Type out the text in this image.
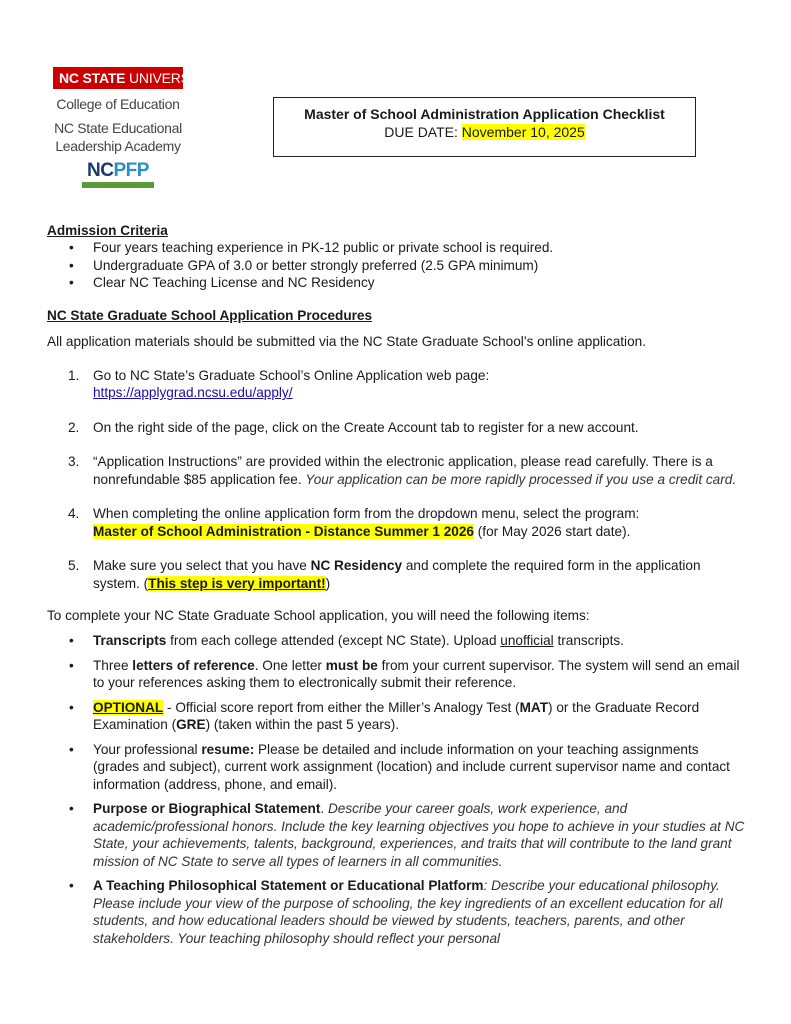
NC STATE UNIVERSITY
College of Education
NC State Educational
Leadership Academy
NCPFP
Master of School Administration Application Checklist
DUE DATE: November 10, 2025
Admission Criteria
• Four years teaching experience in PK-12 public or private school is required.
• Undergraduate GPA of 3.0 or better strongly preferred (2.5 GPA minimum)
• Clear NC Teaching License and NC Residency
NC State Graduate School Application Procedures
All application materials should be submitted via the NC State Graduate School’s online application.
1. Go to NC State’s Graduate School’s Online Application web page:
https://applygrad.ncsu.edu/apply/
2. On the right side of the page, click on the Create Account tab to register for a new account.
3. “Application Instructions” are provided within the electronic application, please read carefully. There is a nonrefundable $85 application fee. Your application can be more rapidly processed if you use a credit card.
4. When completing the online application form from the dropdown menu, select the program:
Master of School Administration - Distance Summer 1 2026 (for May 2026 start date).
5. Make sure you select that you have NC Residency and complete the required form in the application system. (This step is very important!)
To complete your NC State Graduate School application, you will need the following items:
• Transcripts from each college attended (except NC State). Upload unofficial transcripts.
• Three letters of reference. One letter must be from your current supervisor. The system will send an email to your references asking them to electronically submit their reference.
• OPTIONAL - Official score report from either the Miller’s Analogy Test (MAT) or the Graduate Record Examination (GRE) (taken within the past 5 years).
• Your professional resume: Please be detailed and include information on your teaching assignments (grades and subject), current work assignment (location) and include current supervisor name and contact information (address, phone, and email).
• Purpose or Biographical Statement. Describe your career goals, work experience, and academic/professional honors. Include the key learning objectives you hope to achieve in your studies at NC State, your achievements, talents, background, experiences, and traits that will contribute to the land grant mission of NC State to serve all types of learners in all communities.
• A Teaching Philosophical Statement or Educational Platform: Describe your educational philosophy. Please include your view of the purpose of schooling, the key ingredients of an excellent education for all students, and how educational leaders should be viewed by students, teachers, parents, and other stakeholders. Your teaching philosophy should reflect your personal
